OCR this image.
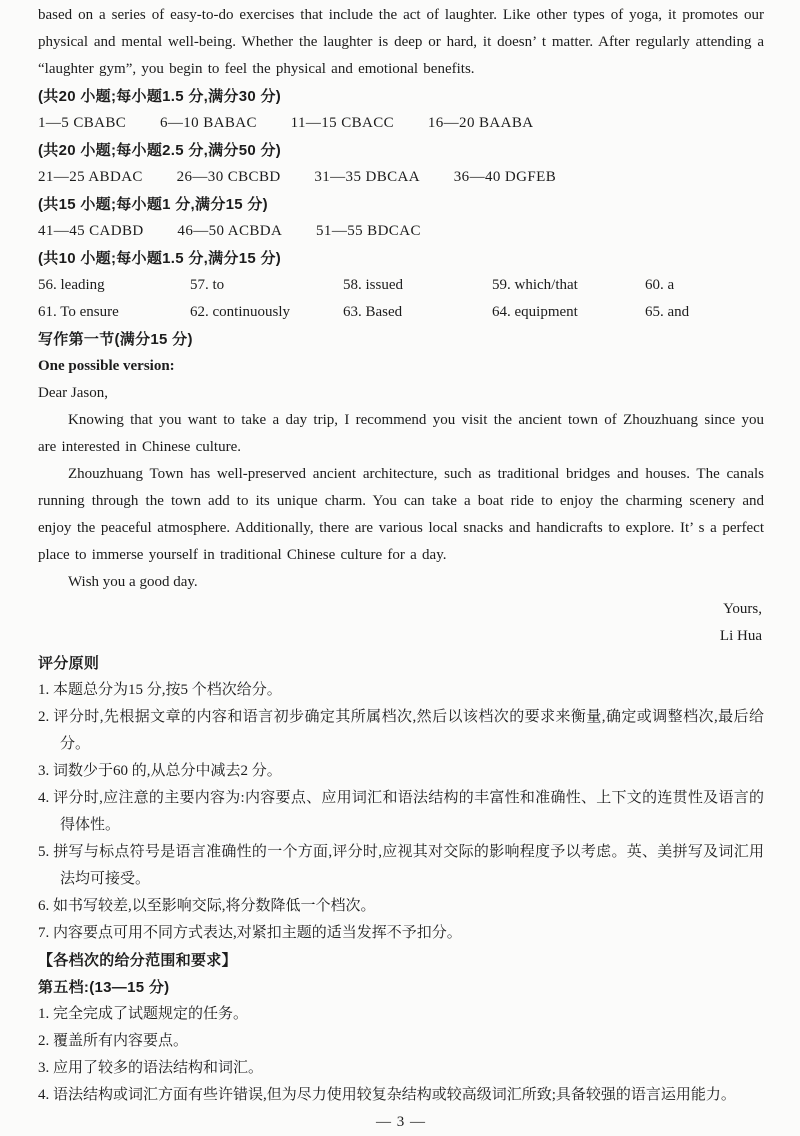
based on a series of easy-to-do exercises that include the act of laughter. Like other types of yoga, it promotes our physical and mental well-being. Whether the laughter is deep or hard, it doesn’ t matter. After regularly attending a “laughter gym”, you begin to feel the physical and emotional benefits.

(共20 小题;每小题1.5 分,满分30 分)
1—5 CBABC 6—10 BABAC 11—15 CBACC 16—20 BAABA
(共20 小题;每小题2.5 分,满分50 分)
21—25 ABDAC 26—30 CBCBD 31—35 DBCAA 36—40 DGFEB
(共15 小题;每小题1 分,满分15 分)
41—45 CADBD 46—50 ACBDA 51—55 BDCAC
(共10 小题;每小题1.5 分,满分15 分)
56. leading	57. to	58. issued	59. which/that	60. a
61. To ensure	62. continuously	63. Based	64. equipment	65. and
写作第一节(满分15 分)
One possible version:
Dear Jason,

Knowing that you want to take a day trip, I recommend you visit the ancient town of Zhouzhuang since you are interested in Chinese culture.

Zhouzhuang Town has well-preserved ancient architecture, such as traditional bridges and houses. The canals running through the town add to its unique charm. You can take a boat ride to enjoy the charming scenery and enjoy the peaceful atmosphere. Additionally, there are various local snacks and handicrafts to explore. It’ s a perfect place to immerse yourself in traditional Chinese culture for a day.

Wish you a good day.

Yours,
Li Hua
评分原则
1. 本题总分为15 分,按5 个档次给分。
2. 评分时,先根据文章的内容和语言初步确定其所属档次,然后以该档次的要求来衡量,确定或调整档次,最后给分。
3. 词数少于60 的,从总分中减去2 分。
4. 评分时,应注意的主要内容为:内容要点、应用词汇和语法结构的丰富性和准确性、上下文的连贯性及语言的得体性。
5. 拼写与标点符号是语言准确性的一个方面,评分时,应视其对交际的影响程度予以考虑。英、美拼写及词汇用法均可接受。
6. 如书写较差,以至影响交际,将分数降低一个档次。
7. 内容要点可用不同方式表达,对紧扣主题的适当发挥不予扣分。
【各档次的给分范围和要求】
第五档:(13—15 分)
1. 完全完成了试题规定的任务。
2. 覆盖所有内容要点。
3. 应用了较多的语法结构和词汇。
4. 语法结构或词汇方面有些许错误,但为尽力使用较复杂结构或较高级词汇所致;具备较强的语言运用能力。
— 3 —
